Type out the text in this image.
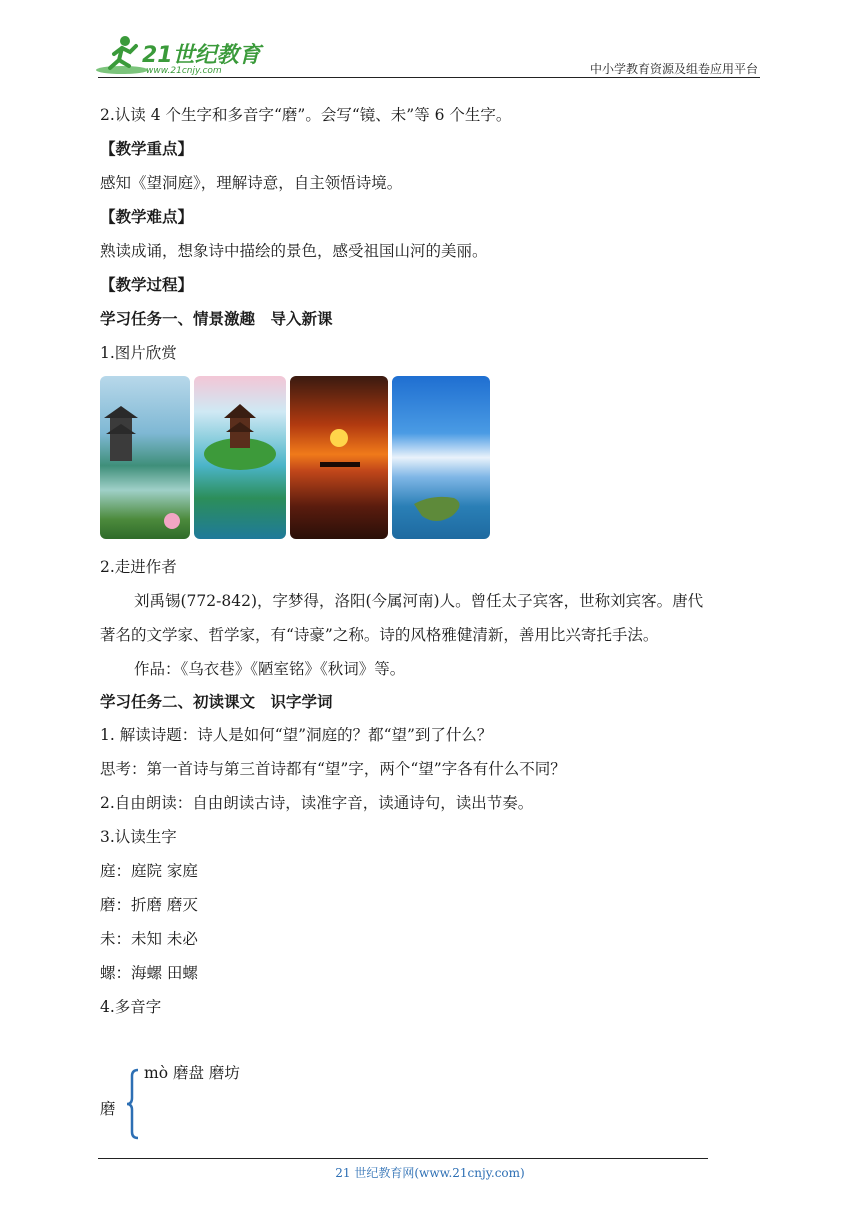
21世纪教育
www.21cnjy.com	中小学教育资源及组卷应用平台
2.认读 4 个生字和多音字“磨”。会写“镜、未”等 6 个生字。
【教学重点】
感知《望洞庭》，理解诗意，自主领悟诗境。
【教学难点】
熟读成诵，想象诗中描绘的景色，感受祖国山河的美丽。
【教学过程】
学习任务一、情景激趣　导入新课
1.图片欣赏
2.走进作者
刘禹锡(772-842)，字梦得，洛阳(今属河南)人。曾任太子宾客，世称刘宾客。唐代
著名的文学家、哲学家，有“诗豪”之称。诗的风格雅健清新，善用比兴寄托手法。
作品：《乌衣巷》《陋室铭》《秋词》等。
学习任务二、初读课文　识字学词
1. 解读诗题：诗人是如何“望”洞庭的？都“望”到了什么？
思考：第一首诗与第三首诗都有“望”字，两个“望”字各有什么不同？
2.自由朗读：自由朗读古诗，读准字音，读通诗句，读出节奏。
3.认读生字
庭：庭院 家庭
磨：折磨 磨灭
未：未知 未必
螺：海螺 田螺
4.多音字
mò 磨盘 磨坊
磨
21 世纪教育网(www.21cnjy.com)
